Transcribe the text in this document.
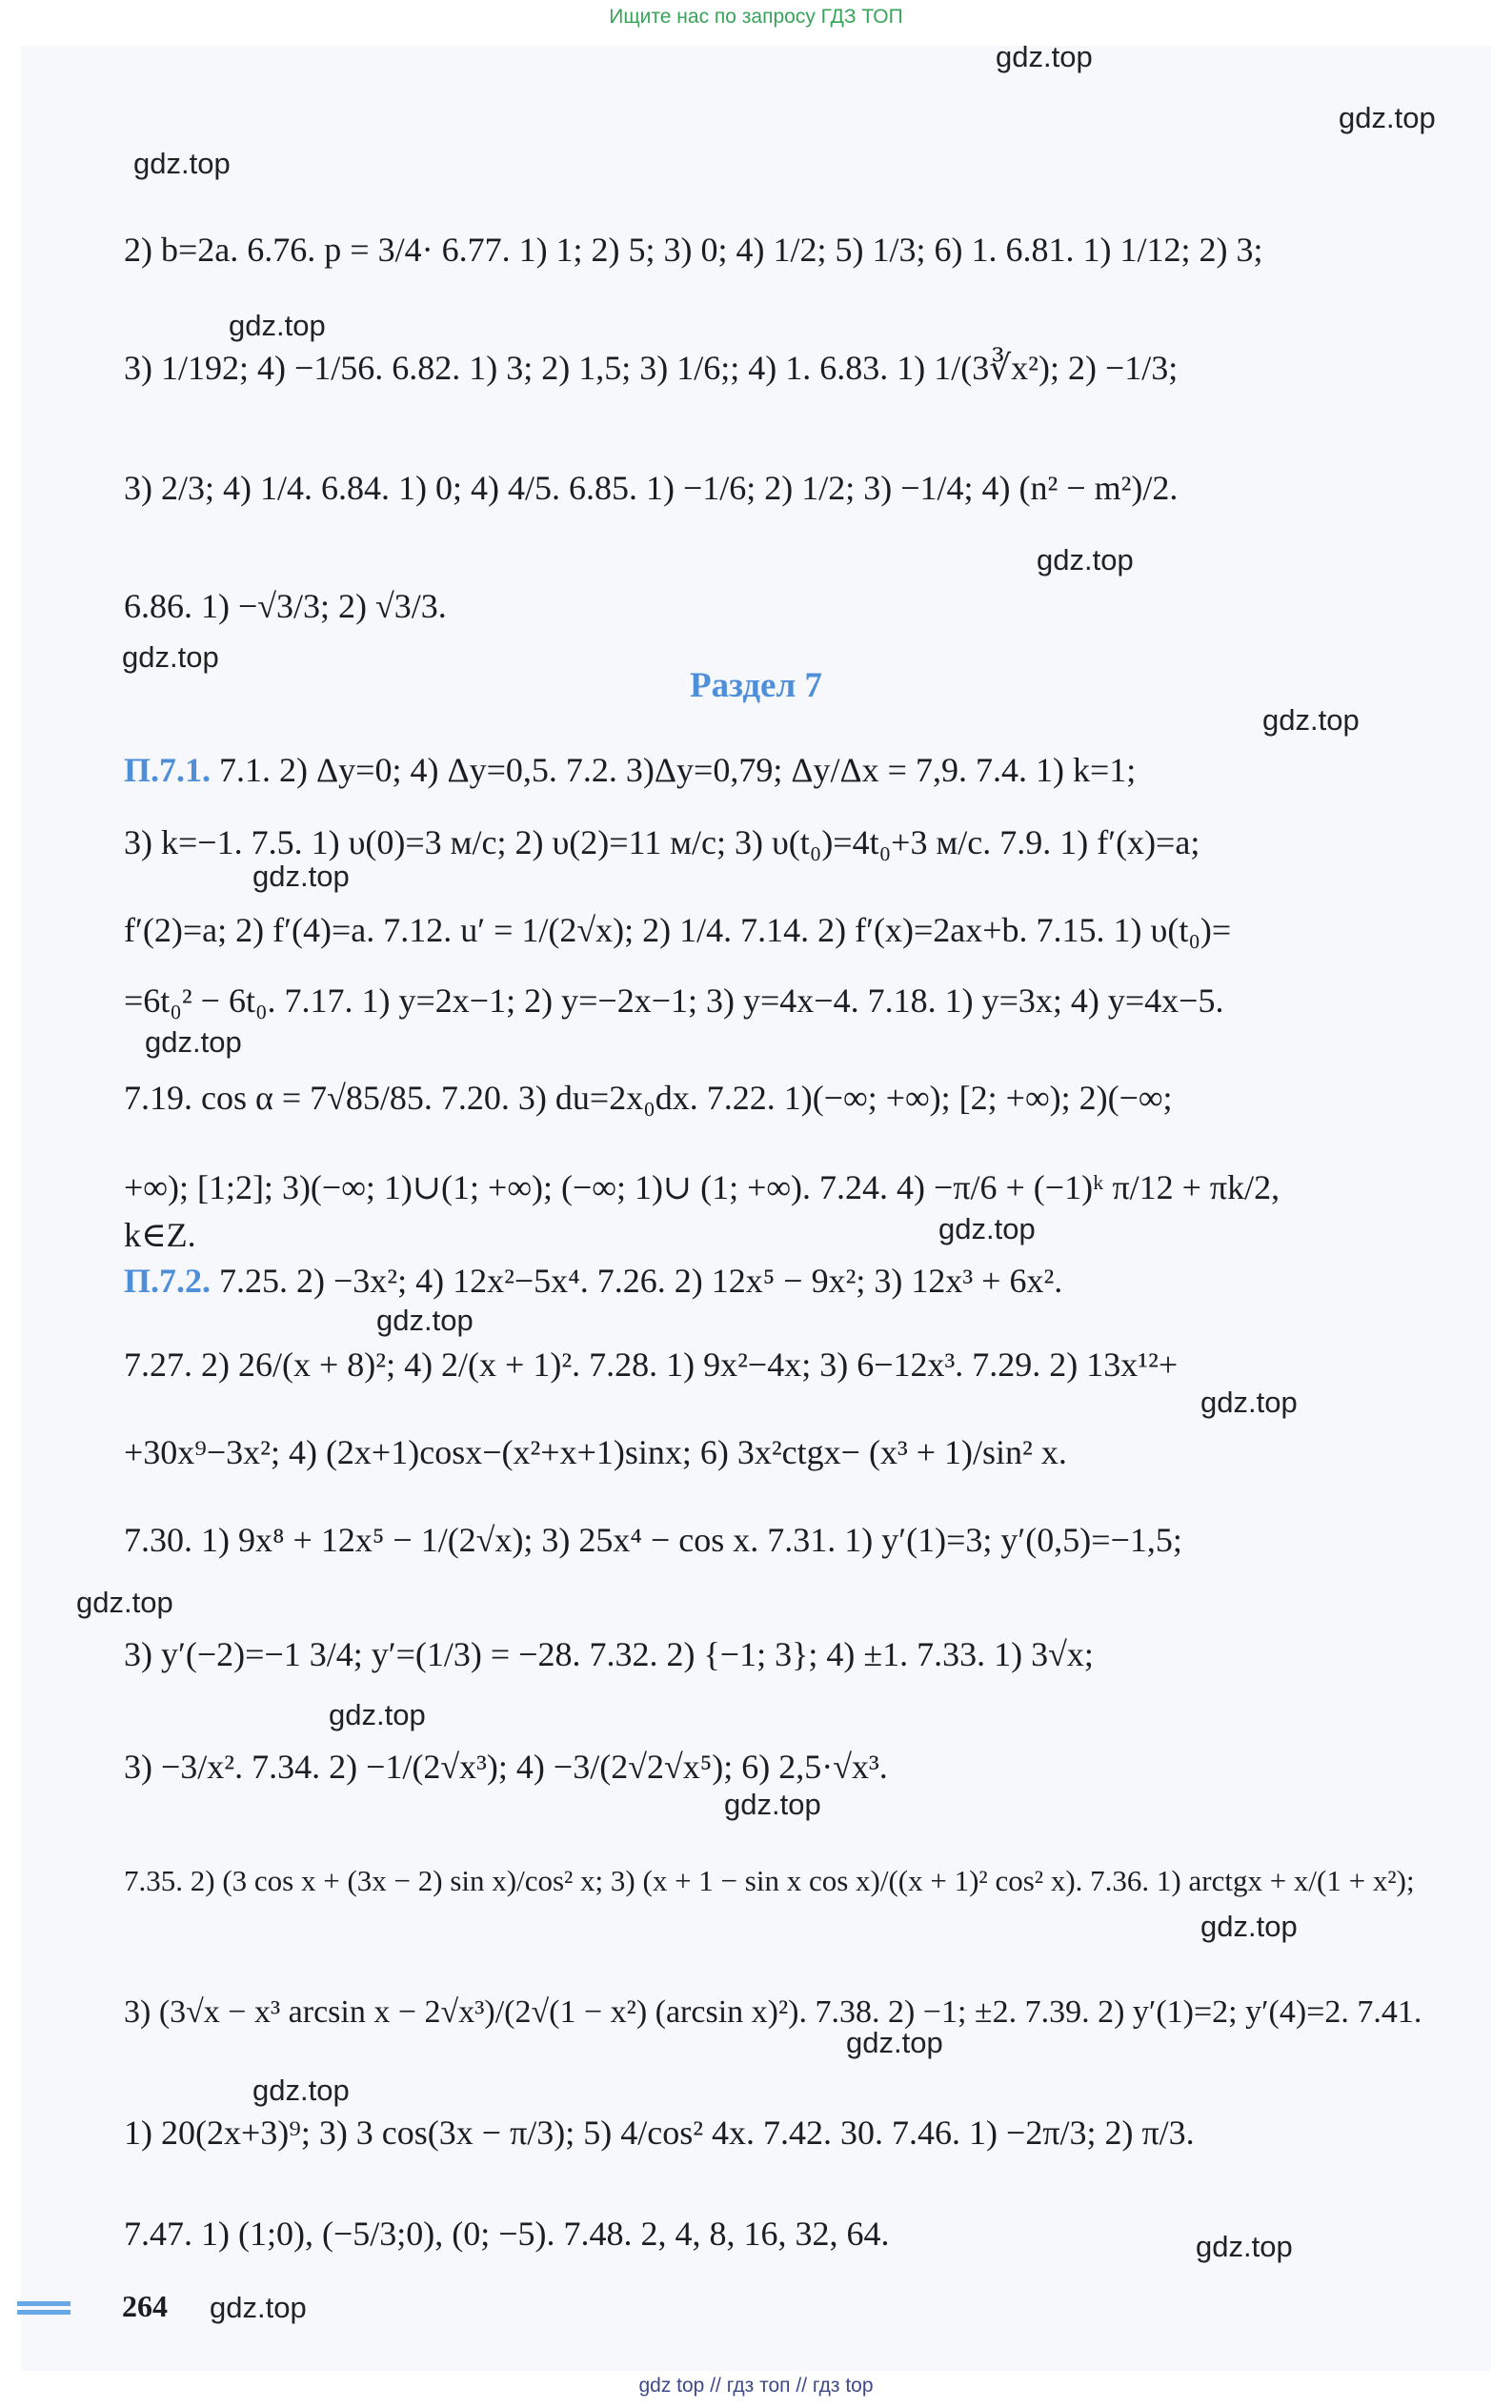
Ищите нас по запросу ГДЗ ТОП
gdz.top
gdz.top
gdz.top
gdz.top
gdz.top
gdz.top
gdz.top
gdz.top
gdz.top
gdz.top
gdz.top
gdz.top
gdz.top
gdz.top
gdz.top
gdz.top
gdz.top
gdz.top
gdz.top
gdz.top
2) b=2a. 6.76. p = 3/4· 6.77. 1) 1; 2) 5; 3) 0; 4) 1/2; 5) 1/3; 6) 1. 6.81. 1) 1/12; 2) 3;
3) 1/192; 4) −1/56. 6.82. 1) 3; 2) 1,5; 3) 1/6;; 4) 1. 6.83. 1) 1/(3∛x²); 2) −1/3;
3) 2/3; 4) 1/4. 6.84. 1) 0; 4) 4/5. 6.85. 1) −1/6; 2) 1/2; 3) −1/4; 4) (n² − m²)/2.
6.86. 1) −√3/3; 2) √3/3.
Раздел 7
П.7.1. 7.1. 2) Δy=0; 4) Δy=0,5. 7.2. 3)Δy=0,79; Δy/Δx = 7,9. 7.4. 1) k=1;
3) k=−1. 7.5. 1) υ(0)=3 м/с; 2) υ(2)=11 м/с; 3) υ(t₀)=4t₀+3 м/с. 7.9. 1) f′(x)=a;
f′(2)=a; 2) f′(4)=a. 7.12. u′ = 1/(2√x); 2) 1/4. 7.14. 2) f′(x)=2ax+b. 7.15. 1) υ(t₀)=
=6t₀² − 6t₀. 7.17. 1) y=2x−1; 2) y=−2x−1; 3) y=4x−4. 7.18. 1) y=3x; 4) y=4x−5.
7.19. cos α = 7√85/85. 7.20. 3) du=2x₀dx. 7.22. 1)(−∞; +∞); [2; +∞); 2)(−∞;
+∞); [1;2]; 3)(−∞; 1)∪(1; +∞); (−∞; 1)∪ (1; +∞). 7.24. 4) −π/6 + (−1)ᵏ π/12 + πk/2,
k∈Z.
П.7.2. 7.25. 2) −3x²; 4) 12x²−5x⁴. 7.26. 2) 12x⁵ − 9x²; 3) 12x³ + 6x².
7.27. 2) 26/(x + 8)²; 4) 2/(x + 1)². 7.28. 1) 9x²−4x; 3) 6−12x³. 7.29. 2) 13x¹²+
+30x⁹−3x²; 4) (2x+1)cosx−(x²+x+1)sinx; 6) 3x²ctgx− (x³ + 1)/sin² x.
7.30. 1) 9x⁸ + 12x⁵ − 1/(2√x); 3) 25x⁴ − cos x. 7.31. 1) y′(1)=3; y′(0,5)=−1,5;
3) y′(−2)=−1 3/4; y′=(1/3) = −28. 7.32. 2) {−1; 3}; 4) ±1. 7.33. 1) 3√x;
3) −3/x². 7.34. 2) −1/(2√x³); 4) −3/(2√2√x⁵); 6) 2,5·√x³.
7.35. 2) (3 cos x + (3x − 2) sin x)/cos² x; 3) (x + 1 − sin x cos x)/((x + 1)² cos² x). 7.36. 1) arctgx + x/(1 + x²);
3) (3√x − x³ arcsin x − 2√x³)/(2√(1 − x²) (arcsin x)²). 7.38. 2) −1; ±2. 7.39. 2) y′(1)=2; y′(4)=2. 7.41.
1) 20(2x+3)⁹; 3) 3 cos(3x − π/3); 5) 4/cos² 4x. 7.42. 30. 7.46. 1) −2π/3; 2) π/3.
7.47. 1) (1;0), (−5/3;0), (0; −5). 7.48. 2, 4, 8, 16, 32, 64.
264
gdz top // гдз топ // гдз top
